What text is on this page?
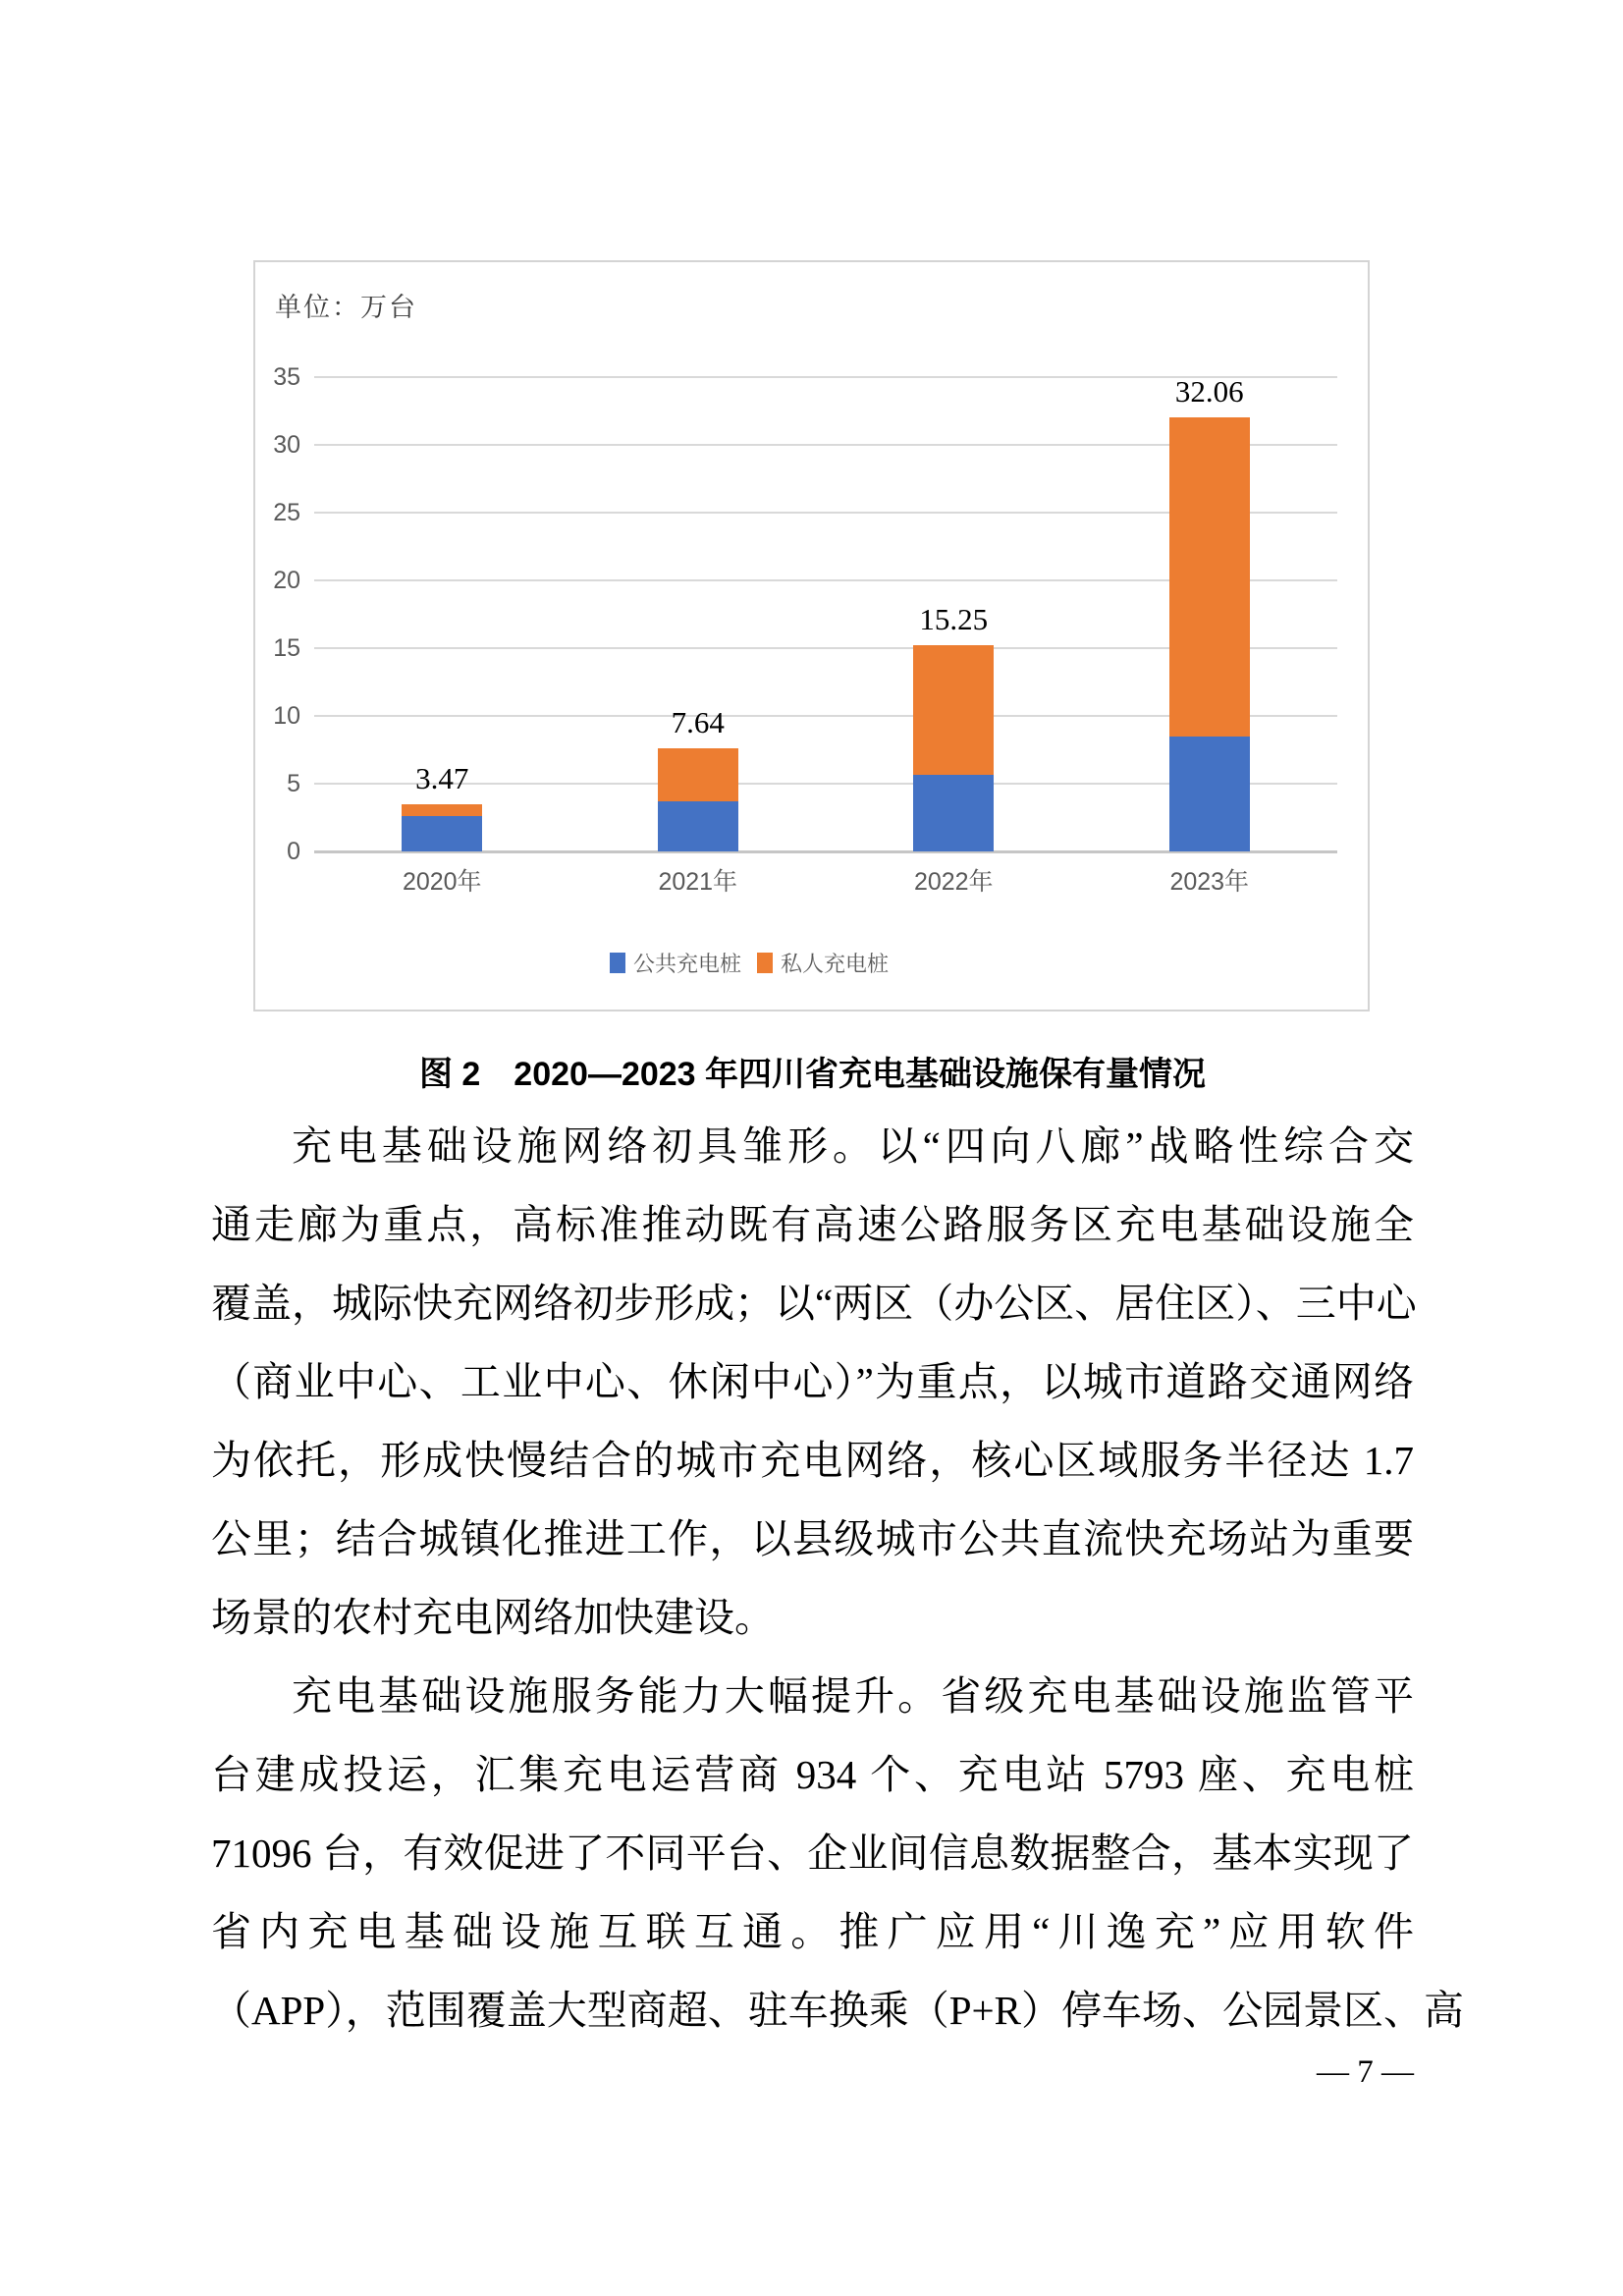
单位：万台
3.47
2020年
7.64
2021年
15.25
2022年
32.06
2023年
公共充电桩 私人充电桩
0
5
10
15
20
25
30
35
图 2　2020—2023 年四川省充电基础设施保有量情况
充电基础设施网络初具雏形。以“四向八廊”战略性综合交
通走廊为重点，高标准推动既有高速公路服务区充电基础设施全
覆盖，城际快充网络初步形成；以“两区（办公区、居住区）、三中心
（商业中心、工业中心、休闲中心）”为重点，以城市道路交通网络
为依托，形成快慢结合的城市充电网络，核心区域服务半径达 1.7
公里；结合城镇化推进工作，以县级城市公共直流快充场站为重要
场景的农村充电网络加快建设。
充电基础设施服务能力大幅提升。省级充电基础设施监管平
台建成投运，汇集充电运营商 934 个、充电站 5793 座、充电桩
71096 台，有效促进了不同平台、企业间信息数据整合，基本实现了
省内充电基础设施互联互通。推广应用“川逸充”应用软件
（APP），范围覆盖大型商超、驻车换乘（P+R）停车场、公园景区、高
— 7 —
